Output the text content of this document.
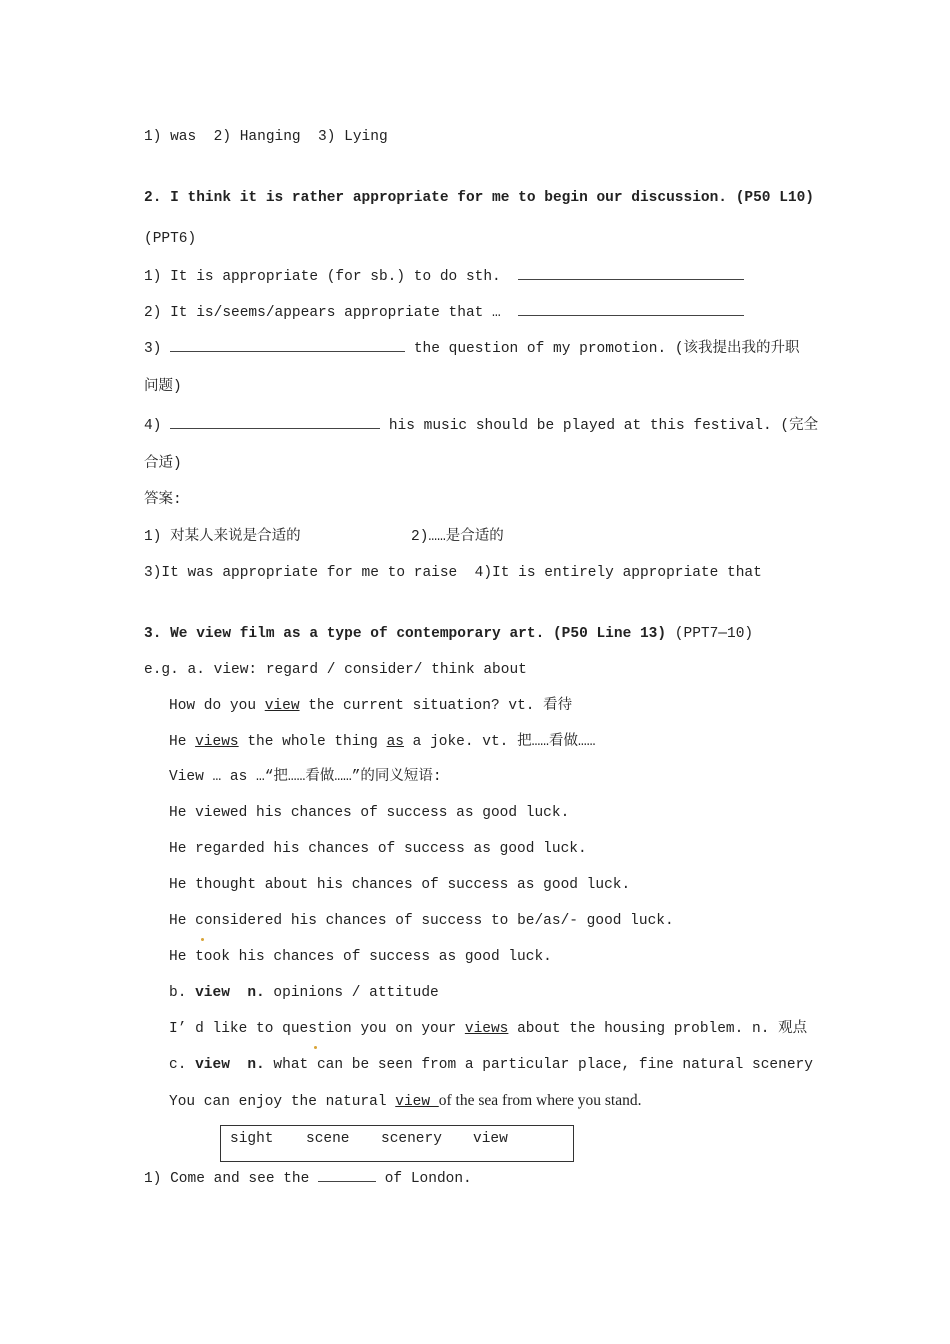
1) was  2) Hanging  3) Lying
2. I think it is rather appropriate for me to begin our discussion. (P50 L10)
(PPT6)
1) It is appropriate (for sb.) to do sth.
2) It is/seems/appears appropriate that …
3)	the question of my promotion. (该我提出我的升职
问题)
4)	his music should be played at this festival. (完全
合适)
答案:
1) 对某人来说是合适的	2)……是合适的
3)It was appropriate for me to raise  4)It is entirely appropriate that
3. We view film as a type of contemporary art. (P50 Line 13) (PPT7—10)
e.g. a. view: regard / consider/ think about
How do you view the current situation? vt. 看待
He views the whole thing as a joke. vt. 把……看做……
View … as …“把……看做……”的同义短语:
He viewed his chances of success as good luck.
He regarded his chances of success as good luck.
He thought about his chances of success as good luck.
He considered his chances of success to be/as/- good luck.
He took his chances of success as good luck.
b. view  n. opinions / attitude
I’ d like to question you on your views about the housing problem. n. 观点
c. view  n. what can be seen from a particular place, fine natural scenery
You can enjoy the natural view of the sea from where you stand.
sight scene scenery view
1) Come and see the	of London.
